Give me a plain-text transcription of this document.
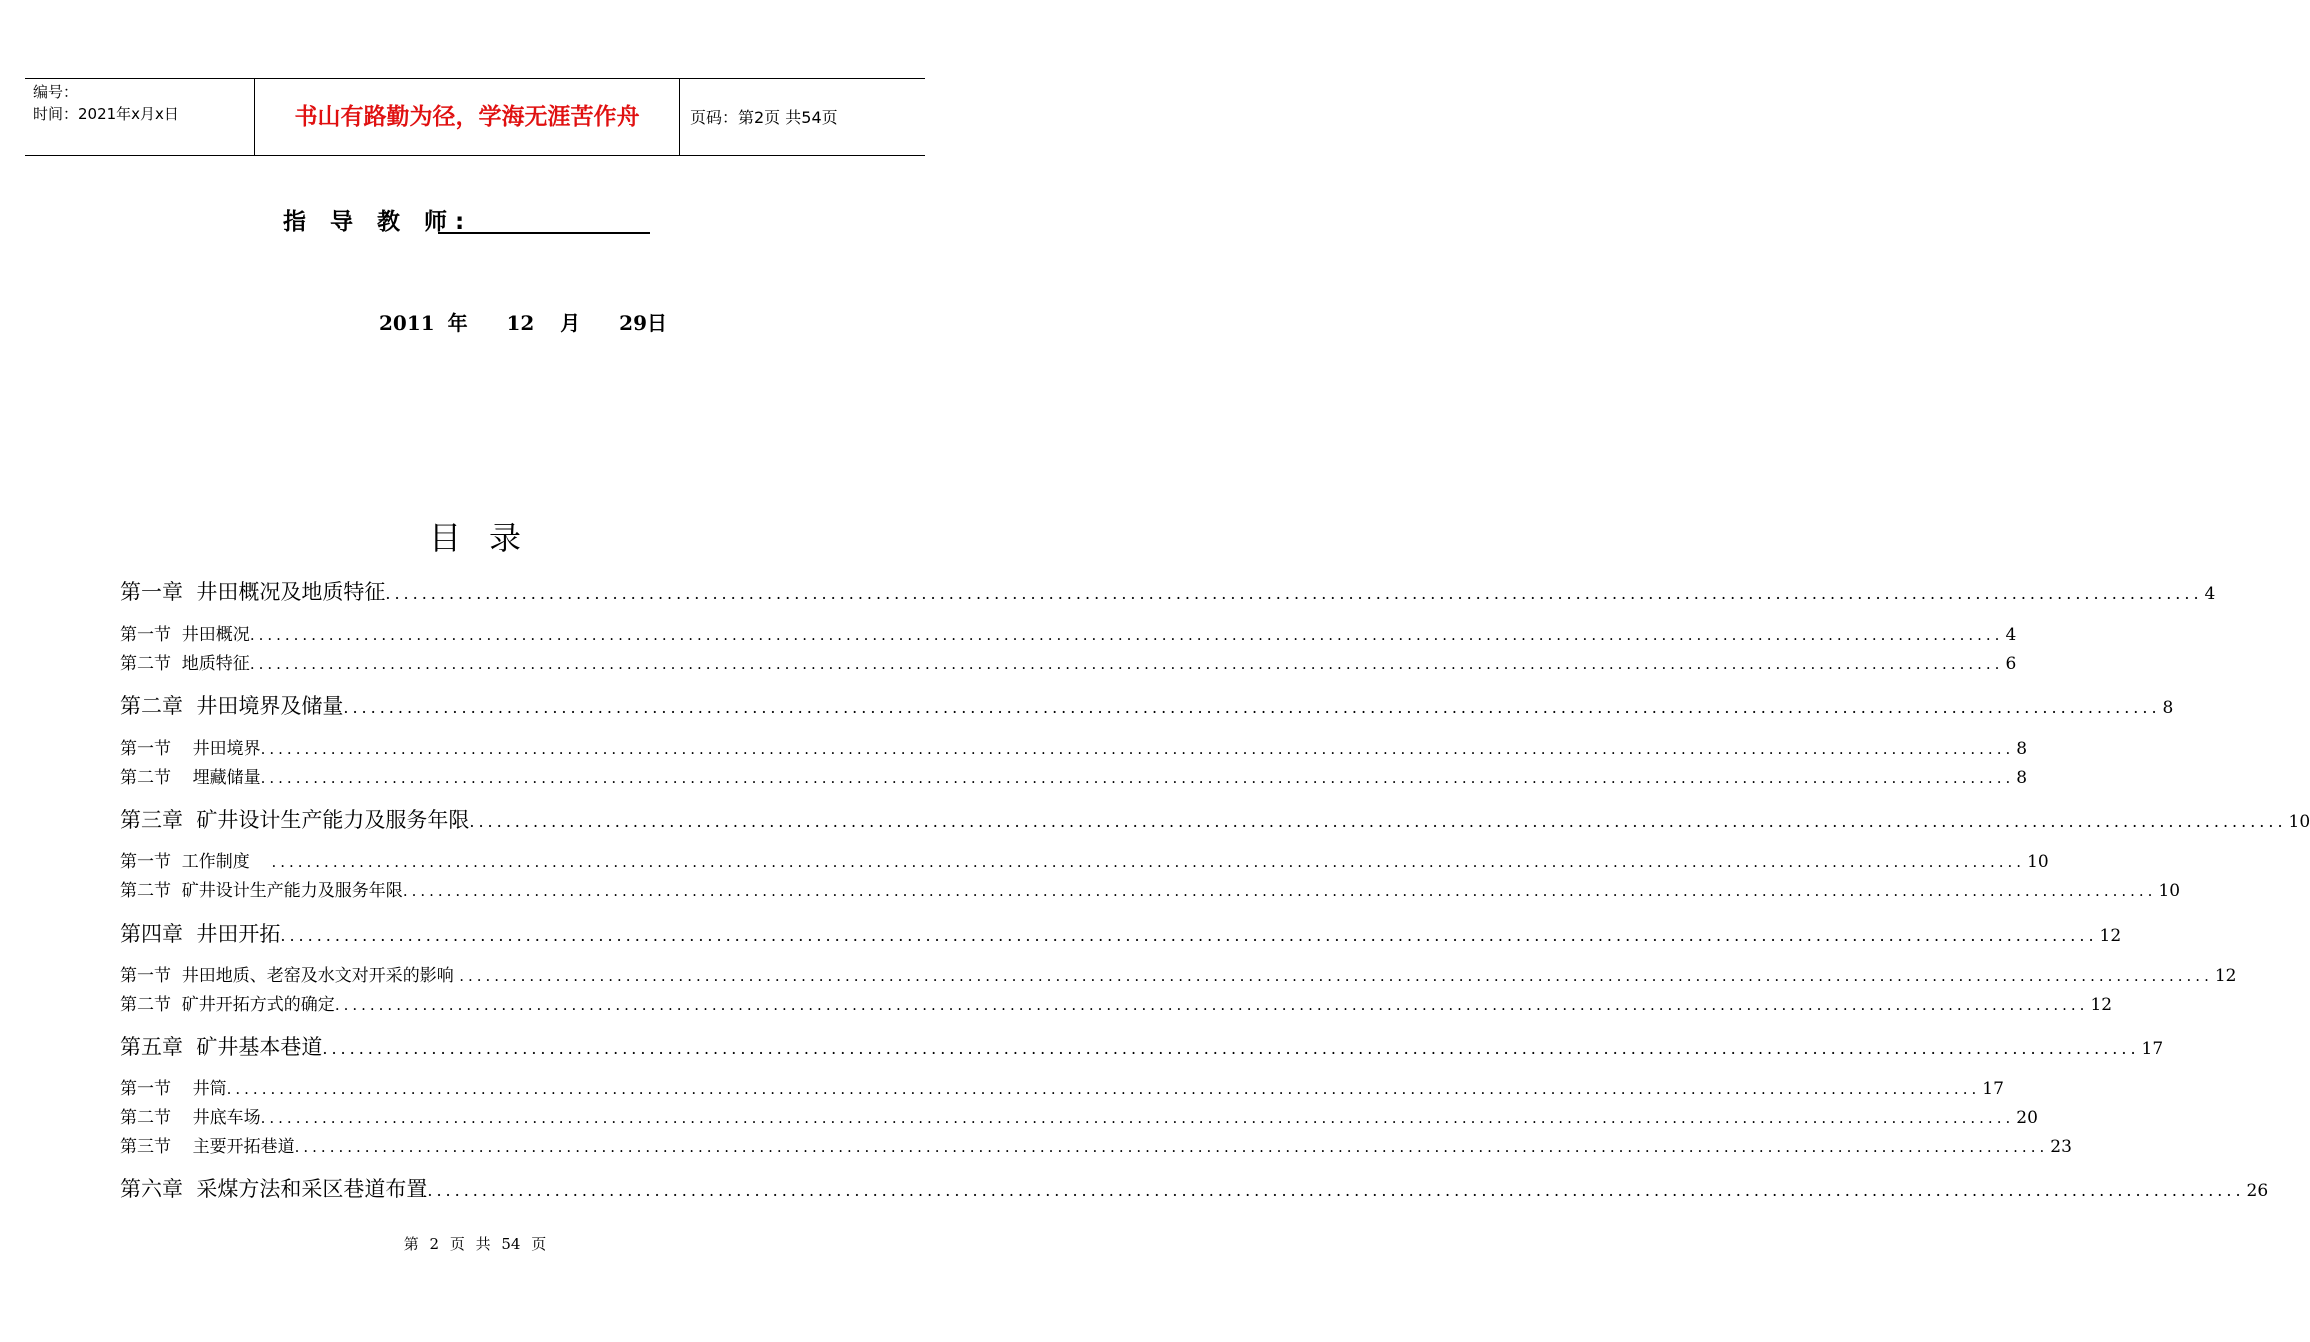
编号：
时间：2021年x月x日	书山有路勤为径，学海无涯苦作舟	页码：第2页 共54页
指 导 教 师:
2011 年   12  月   29日
目录
第一章  井田概况及地质特征 ........................................................................................................................................................................................................ 4
第一节  井田概况 ........................................................................................................................................................................................................ 4
第二节  地质特征 ........................................................................................................................................................................................................ 6
第二章  井田境界及储量 ........................................................................................................................................................................................................ 8
第一节    井田境界 ........................................................................................................................................................................................................ 8
第二节    埋藏储量 ........................................................................................................................................................................................................ 8
第三章  矿井设计生产能力及服务年限 ........................................................................................................................................................................................................ 10
第一节  工作制度 ........................................................................................................................................................................................................ 10
第二节  矿井设计生产能力及服务年限 ........................................................................................................................................................................................................ 10
第四章  井田开拓 ........................................................................................................................................................................................................ 12
第一节  井田地质、老窑及水文对开采的影响 ........................................................................................................................................................................................................ 12
第二节  矿井开拓方式的确定 ........................................................................................................................................................................................................ 12
第五章  矿井基本巷道 ........................................................................................................................................................................................................ 17
第一节    井筒 ........................................................................................................................................................................................................ 17
第二节    井底车场 ........................................................................................................................................................................................................ 20
第三节    主要开拓巷道 ........................................................................................................................................................................................................ 23
第六章  采煤方法和采区巷道布置 ........................................................................................................................................................................................................ 26
第 2 页 共 54 页
